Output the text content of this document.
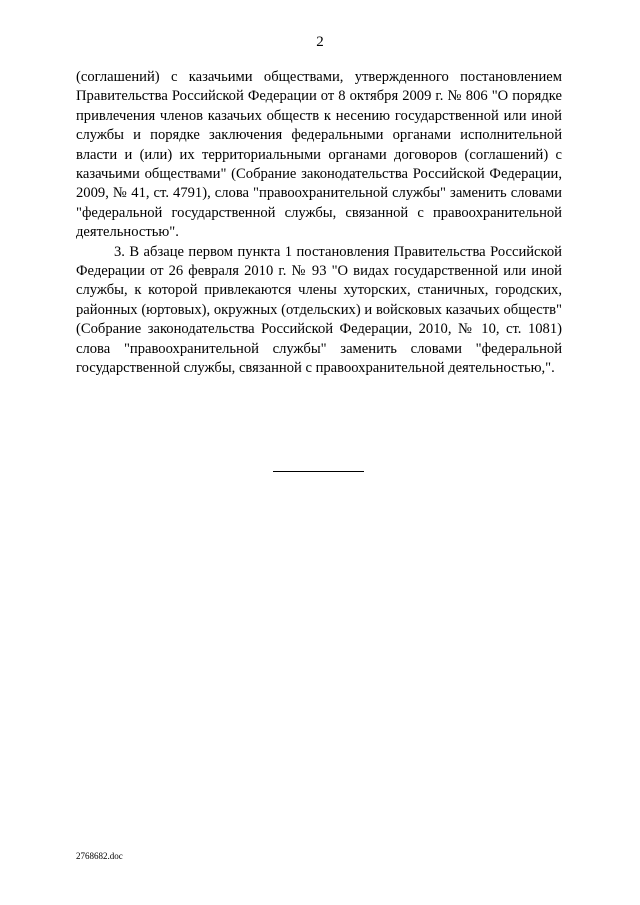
2

(соглашений) с казачьими обществами, утвержденного постановлением Правительства Российской Федерации от 8 октября 2009 г. № 806 "О порядке привлечения членов казачьих обществ к несению государственной или иной службы и порядке заключения федеральными органами исполнительной власти и (или) их территориальными органами договоров (соглашений) с казачьими обществами" (Собрание законодательства Российской Федерации, 2009, № 41, ст. 4791), слова "правоохранительной службы" заменить словами "федеральной государственной службы, связанной с правоохранительной деятельностью".

3. В абзаце первом пункта 1 постановления Правительства Российской Федерации от 26 февраля 2010 г. № 93 "О видах государственной или иной службы, к которой привлекаются члены хуторских, станичных, городских, районных (юртовых), окружных (отдельских) и войсковых казачьих обществ" (Собрание законодательства Российской Федерации, 2010, № 10, ст. 1081) слова "правоохранительной службы" заменить словами "федеральной государственной службы, связанной с правоохранительной деятельностью,".

2768682.doc
